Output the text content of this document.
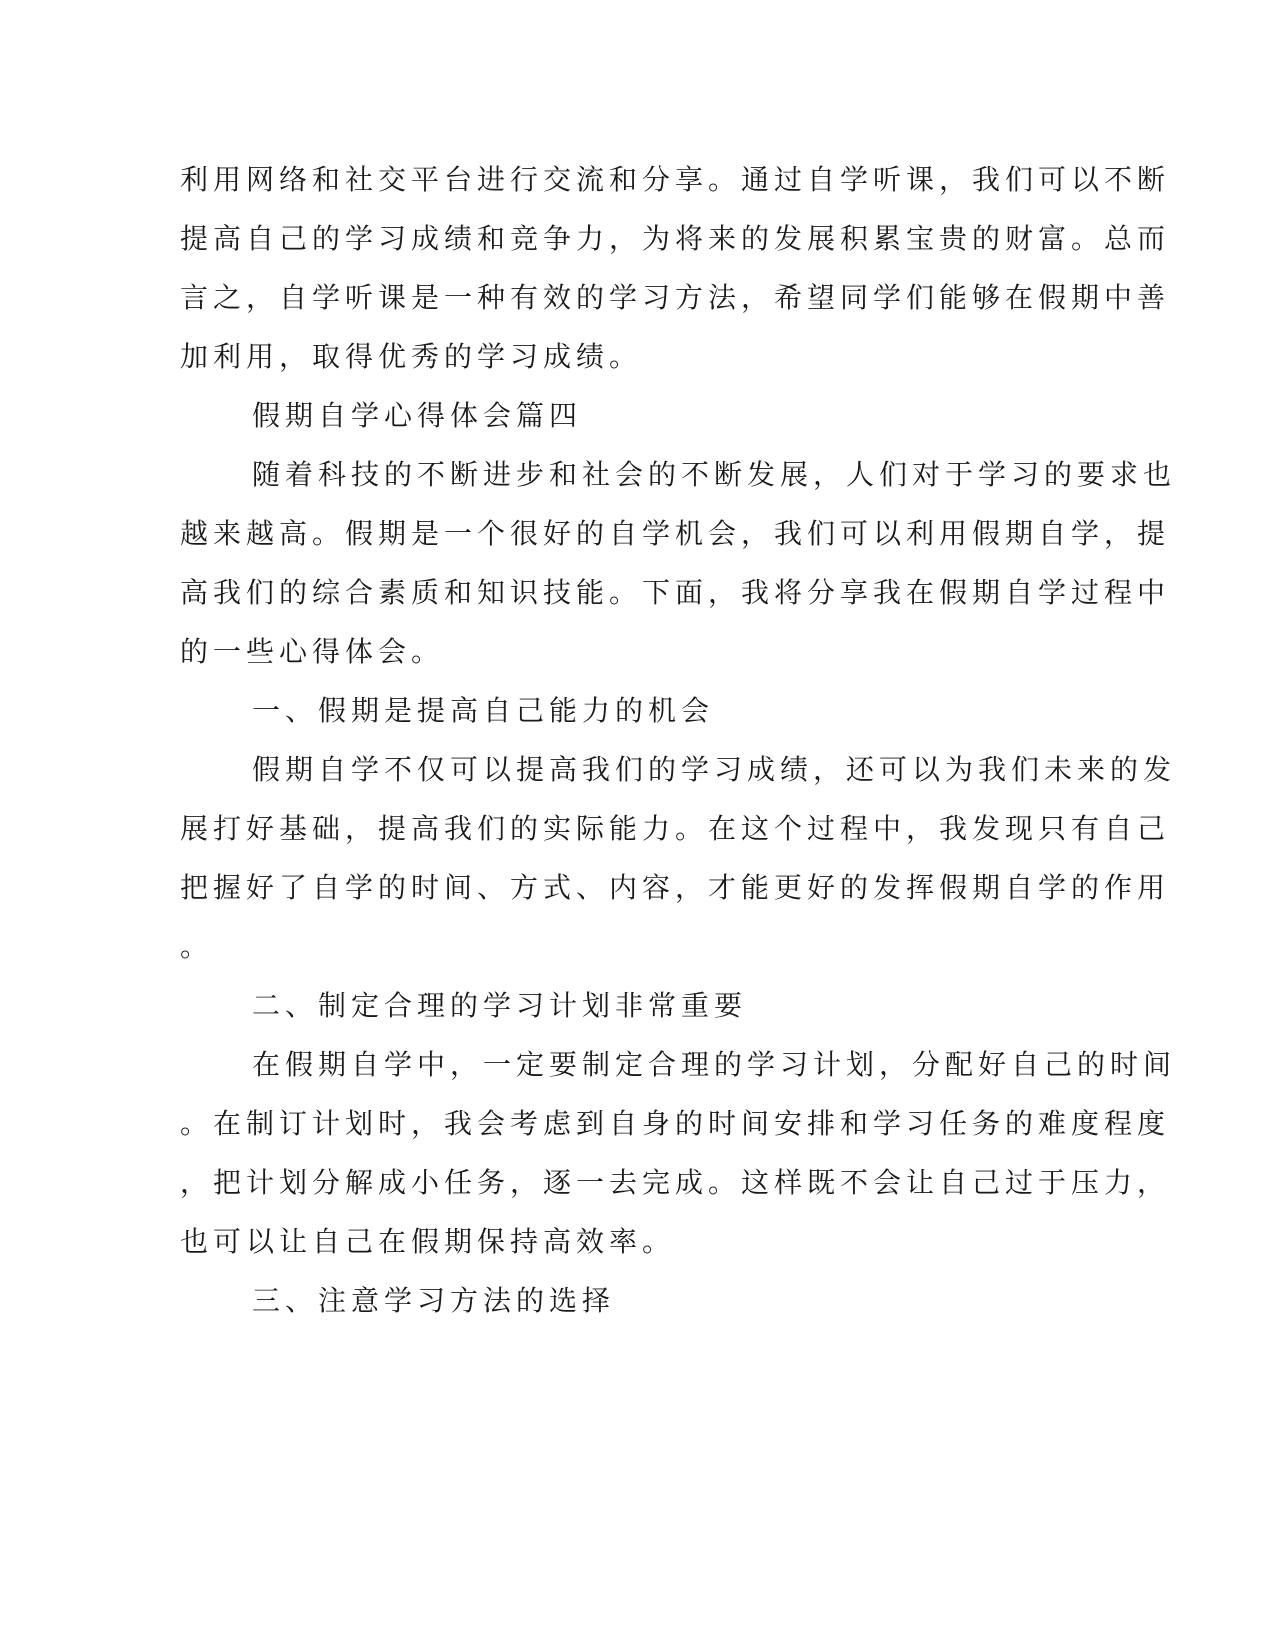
利用网络和社交平台进行交流和分享。通过自学听课，我们可以不断
提高自己的学习成绩和竞争力，为将来的发展积累宝贵的财富。总而
言之，自学听课是一种有效的学习方法，希望同学们能够在假期中善
加利用，取得优秀的学习成绩。
假期自学心得体会篇四
随着科技的不断进步和社会的不断发展，人们对于学习的要求也
越来越高。假期是一个很好的自学机会，我们可以利用假期自学，提
高我们的综合素质和知识技能。下面，我将分享我在假期自学过程中
的一些心得体会。
一、假期是提高自己能力的机会
假期自学不仅可以提高我们的学习成绩，还可以为我们未来的发
展打好基础，提高我们的实际能力。在这个过程中，我发现只有自己
把握好了自学的时间、方式、内容，才能更好的发挥假期自学的作用
。
二、制定合理的学习计划非常重要
在假期自学中，一定要制定合理的学习计划，分配好自己的时间
。在制订计划时，我会考虑到自身的时间安排和学习任务的难度程度
，把计划分解成小任务，逐一去完成。这样既不会让自己过于压力，
也可以让自己在假期保持高效率。
三、注意学习方法的选择
